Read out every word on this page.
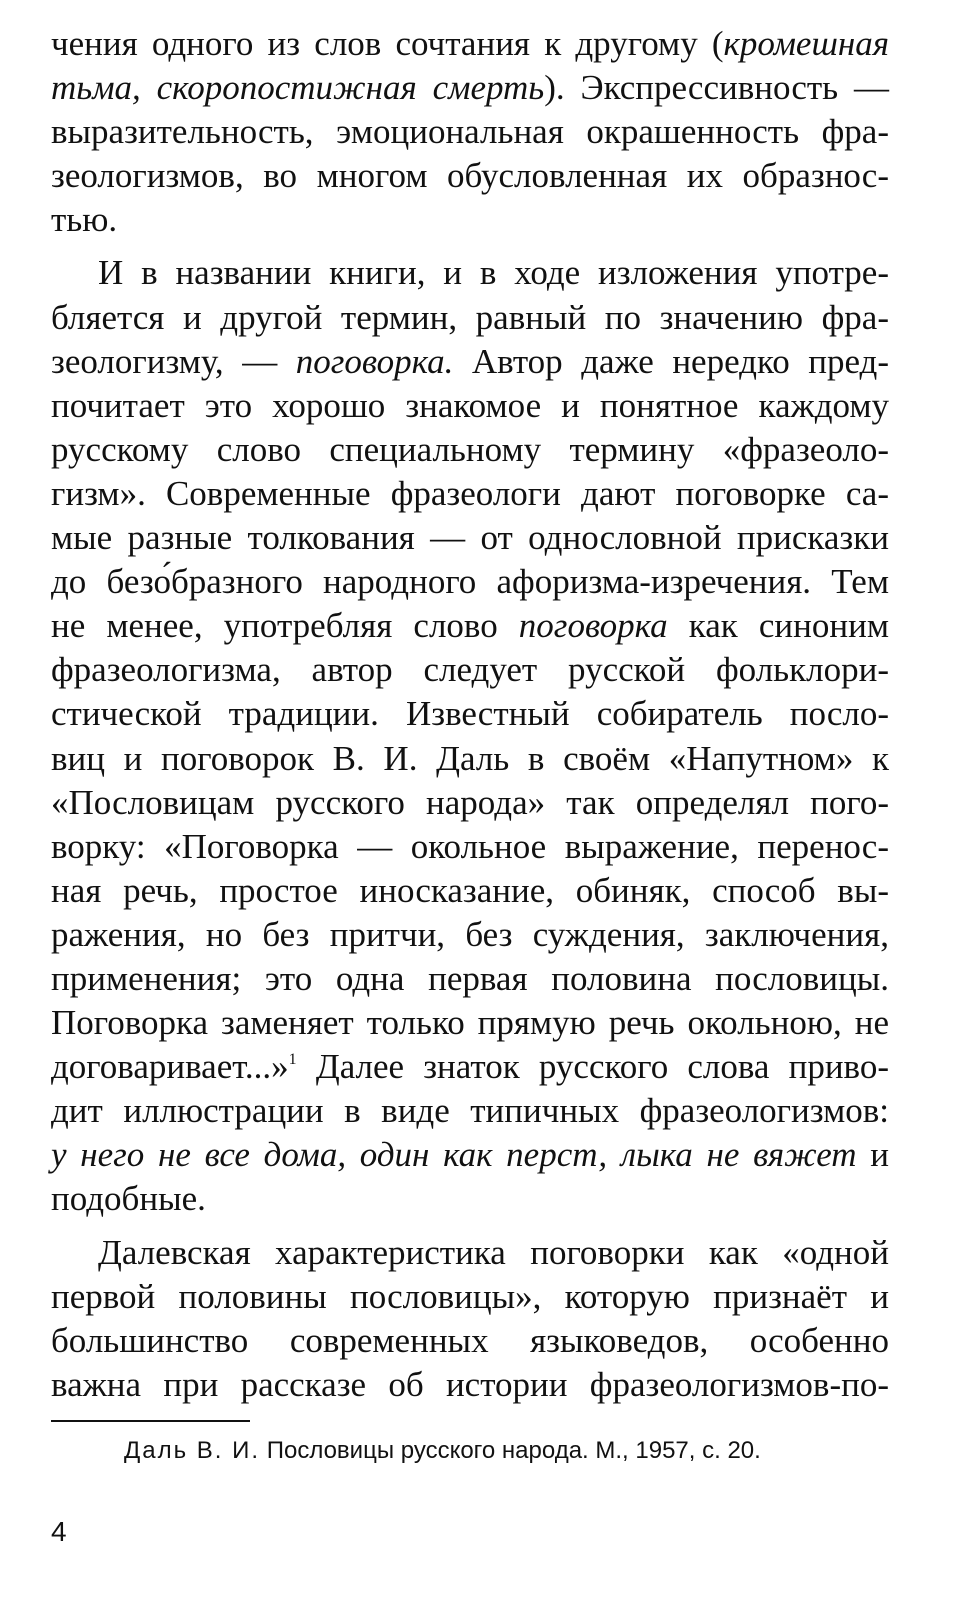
чения одного из слов сочтания к другому (кромешная
тьма, скоропостижная смерть). Экспрессивность —
выразительность, эмоциональная окрашенность фра-
зеологизмов, во многом обусловленная их образнос-
тью.

И в названии книги, и в ходе изложения употре-
бляется и другой термин, равный по значению фра-
зеологизму, — поговорка. Автор даже нередко пред-
почитает это хорошо знакомое и понятное каждому
русскому слово специальному термину «фразеоло-
гизм». Современные фразеологи дают поговорке са-
мые разные толкования — от однословной присказки
до безо́бразного народного афоризма-изречения. Тем
не менее, употребляя слово поговорка как синоним
фразеологизма, автор следует русской фольклори-
стической традиции. Известный собиратель посло-
виц и поговорок В. И. Даль в своём «Напутном» к
«Пословицам русского народа» так определял пого-
ворку: «Поговорка — окольное выражение, перенос-
ная речь, простое иносказание, обиняк, способ вы-
ражения, но без притчи, без суждения, заключения,
применения; это одна первая половина пословицы.
Поговорка заменяет только прямую речь окольною, не
договаривает...»$^1$ Далее знаток русского слова приво-
дит иллюстрации в виде типичных фразеологизмов:
у него не все дома, один как перст, лыка не вяжет и
подобные.

Далевская характеристика поговорки как «одной
первой половины пословицы», которую признаёт и
большинство современных языковедов, особенно
важна при рассказе об истории фразеологизмов-по-

Даль В. И. Пословицы русского народа. М., 1957, с. 20.
4
